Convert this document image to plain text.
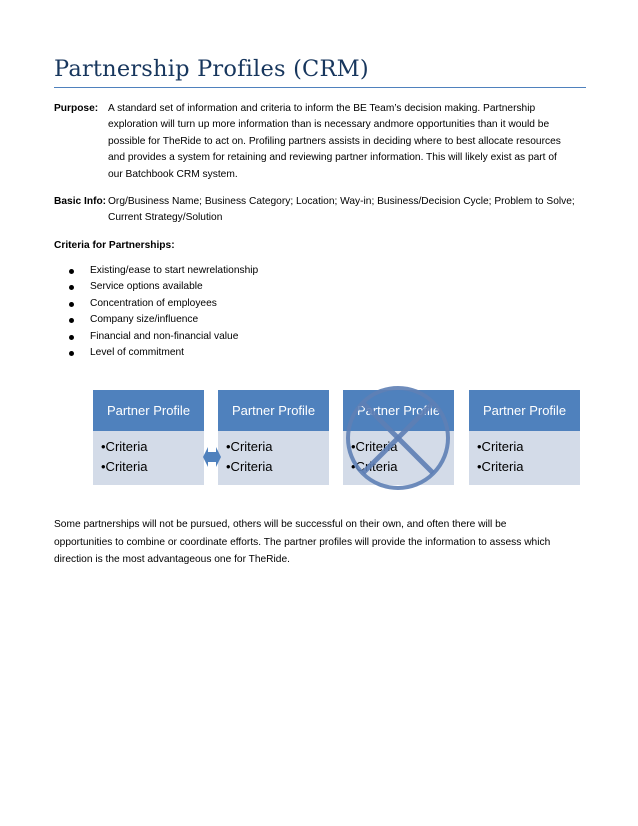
Partnership Profiles (CRM)
Purpose: A standard set of information and criteria to inform the BE Team’s decision making. Partnership
exploration will turn up more information than is necessary andmore opportunities than it would be
possible for TheRide to act on. Profiling partners assists in deciding where to best allocate resources
and provides a system for retaining and reviewing partner information. This will likely exist as part of
our Batchbook CRM system.
Basic Info: Org/Business Name; Business Category; Location; Way-in; Business/Decision Cycle; Problem to Solve;
Current Strategy/Solution
Criteria for Partnerships:
Existing/ease to start newrelationship
Service options available
Concentration of employees
Company size/influence
Financial and non-financial value
Level of commitment
Partner Profile
•Criteria
•Criteria
Partner Profile
•Criteria
•Criteria
Partner Profile
•Criteria
•Criteria
Partner Profile
•Criteria
•Criteria
Some partnerships will not be pursued, others will be successful on their own, and often there will be
opportunities to combine or coordinate efforts. The partner profiles will provide the information to assess which
direction is the most advantageous one for TheRide.
